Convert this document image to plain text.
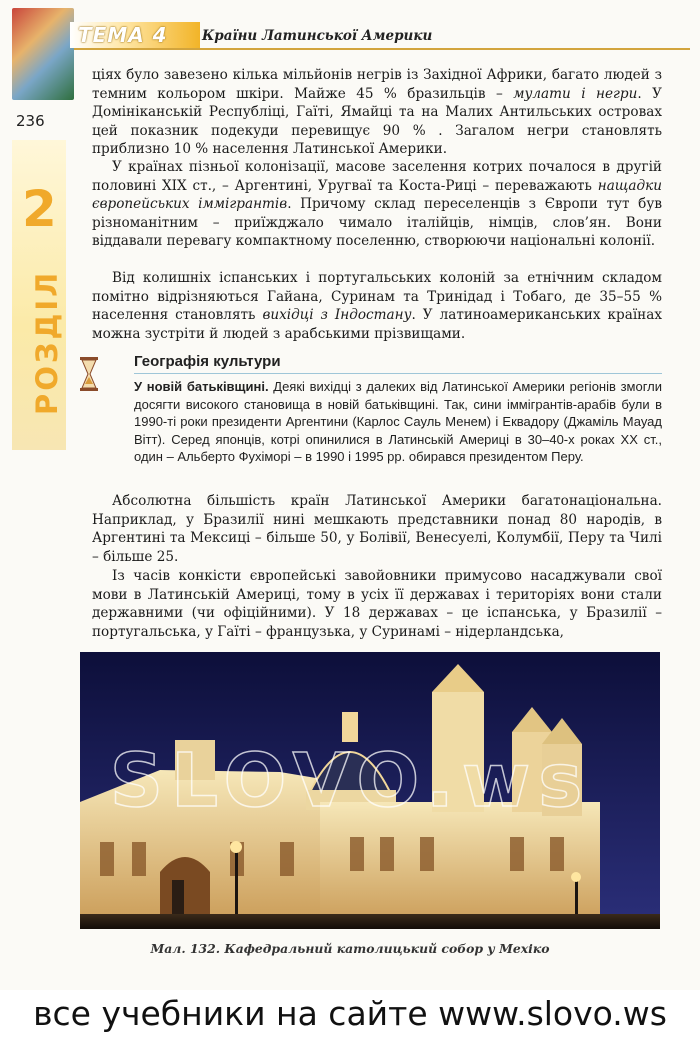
ТЕМА 4	Країни Латинської Америки
236
2
РОЗДІЛ

ціях було завезено кілька мільйонів негрів із Західної Африки, багато людей з темним кольором шкіри. Майже 45 % бразильців – мулати і негри. У Домініканській Республіці, Гаїті, Ямайці та на Малих Антильських островах цей показник подекуди перевищує 90 % . Загалом негри становлять приблизно 10 % населення Латинської Америки.

У країнах пізньої колонізації, масове заселення котрих почалося в другій половині XIX ст., – Аргентині, Уругваї та Коста-Риці – переважають нащадки європейських іммігрантів. Причому склад переселенців з Європи тут був різноманітним – приїжджало чимало італійців, німців, слов’ян. Вони віддавали перевагу компактному поселенню, створюючи національні колонії.

Від колишніх іспанських і португальських колоній за етнічним складом помітно відрізняються Гайана, Суринам та Тринідад і Тобаго, де 35–55 % населення становлять вихідці з Індостану. У латиноамериканських країнах можна зустріти й людей з арабськими прізвищами.

Географія культури
У новій батьківщині. Деякі вихідці з далеких від Латинської Америки регіонів змогли досягти високого становища в новій батьківщині. Так, сини іммігрантів-арабів були в 1990-ті роки президенти Аргентини (Карлос Сауль Менем) і Еквадору (Джаміль Мауад Вітт). Серед японців, котрі опинилися в Латинській Америці в 30–40-х роках XX ст., один – Альберто Фухіморі – в 1990 і 1995 рр. обирався президентом Перу.

Абсолютна більшість країн Латинської Америки багатонаціональна. Наприклад, у Бразилії нині мешкають представники понад 80 народів, в Аргентині та Мексиці – більше 50, у Болівії, Венесуелі, Колумбії, Перу та Чилі – більше 25.

Із часів конкісти європейські завойовники примусово насаджували свої мови в Латинській Америці, тому в усіх її державах і територіях вони стали державними (чи офіційними). У 18 державах – це іспанська, у Бразилії – португальська, у Гаїті – французька, у Суринамі – нідерландська,

SLOVO.ws
Мал. 132. Кафедральний католицький собор у Мехіко
все учебники на сайте www.slovo.ws
